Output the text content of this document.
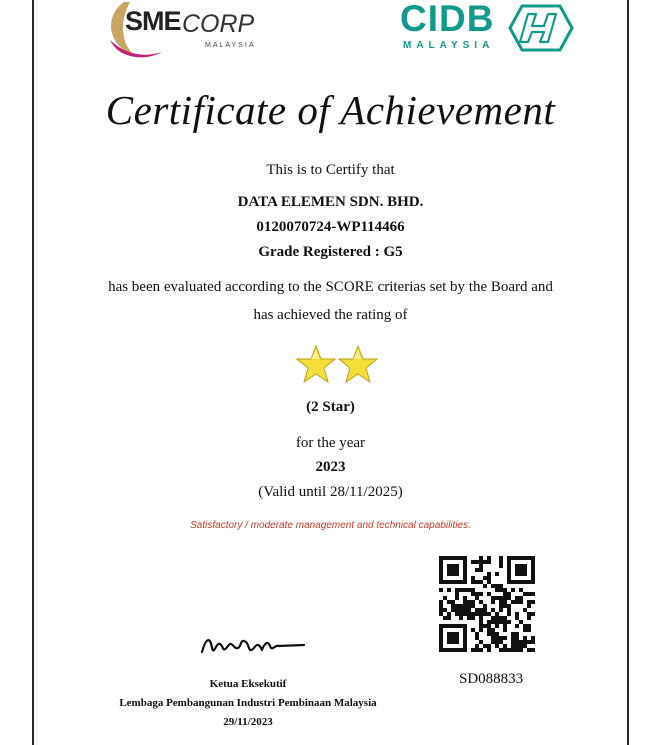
SME CORP
MALAYSIA
CIDB
MALAYSIA
Certificate of Achievement
This is to Certify that
DATA ELEMEN SDN. BHD.
0120070724-WP114466
Grade Registered : G5
has been evaluated according to the SCORE criterias set by the Board and
has achieved the rating of
(2 Star)
for the year
2023
(Valid until 28/11/2025)
Satisfactory / moderate management and technical capabilities.
SD088833
Ketua Eksekutif
Lembaga Pembangunan Industri Pembinaan Malaysia
29/11/2023
